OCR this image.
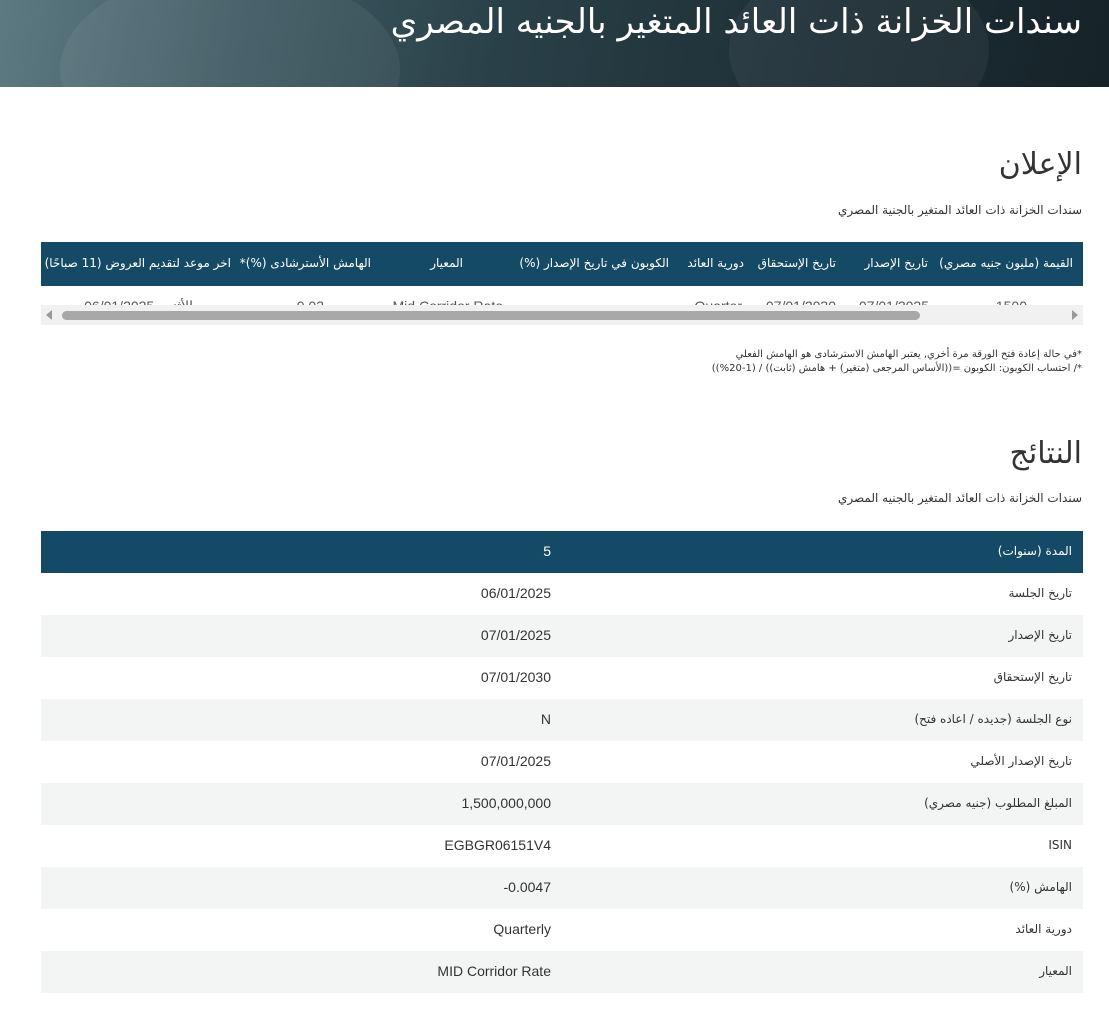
سندات الخزانة ذات العائد المتغير بالجنيه المصري
الإعلان
سندات الخزانة ذات العائد المتغير بالجنية المصري
القيمة (مليون جنيه مصري)
تاريخ الإصدار
تاريخ الإستحقاق
دورية العائد
الكوبون في تاريخ الإصدار (%)
المعيار
الهامش الأسترشادى (%)*
اخر موعد لتقديم العروض (11 صباحًا)
*في حالة إعادة فتح الورقة مرة أخري, يعتبر الهامش الاسترشادى هو الهامش الفعلي
*/ احتساب الكوبون: الكوبون =((الأساس المرجعى (متغير) + هامش (ثابت)) / (1-20%))
النتائج
سندات الخزانة ذات العائد المتغير بالجنيه المصري
المدة (سنوات)
5
تاريخ الجلسة
06/01/2025
تاريخ الإصدار
07/01/2025
تاريخ الإستحقاق
07/01/2030
نوع الجلسة (جديده / اعاده فتح)
N
تاريخ الإصدار الأصلي
07/01/2025
المبلغ المطلوب (جنيه مصري)
1,500,000,000
ISIN
EGBGR06151V4
الهامش (%)
0.0047-
دورية العائد
Quarterly
المعيار
MID Corridor Rate
